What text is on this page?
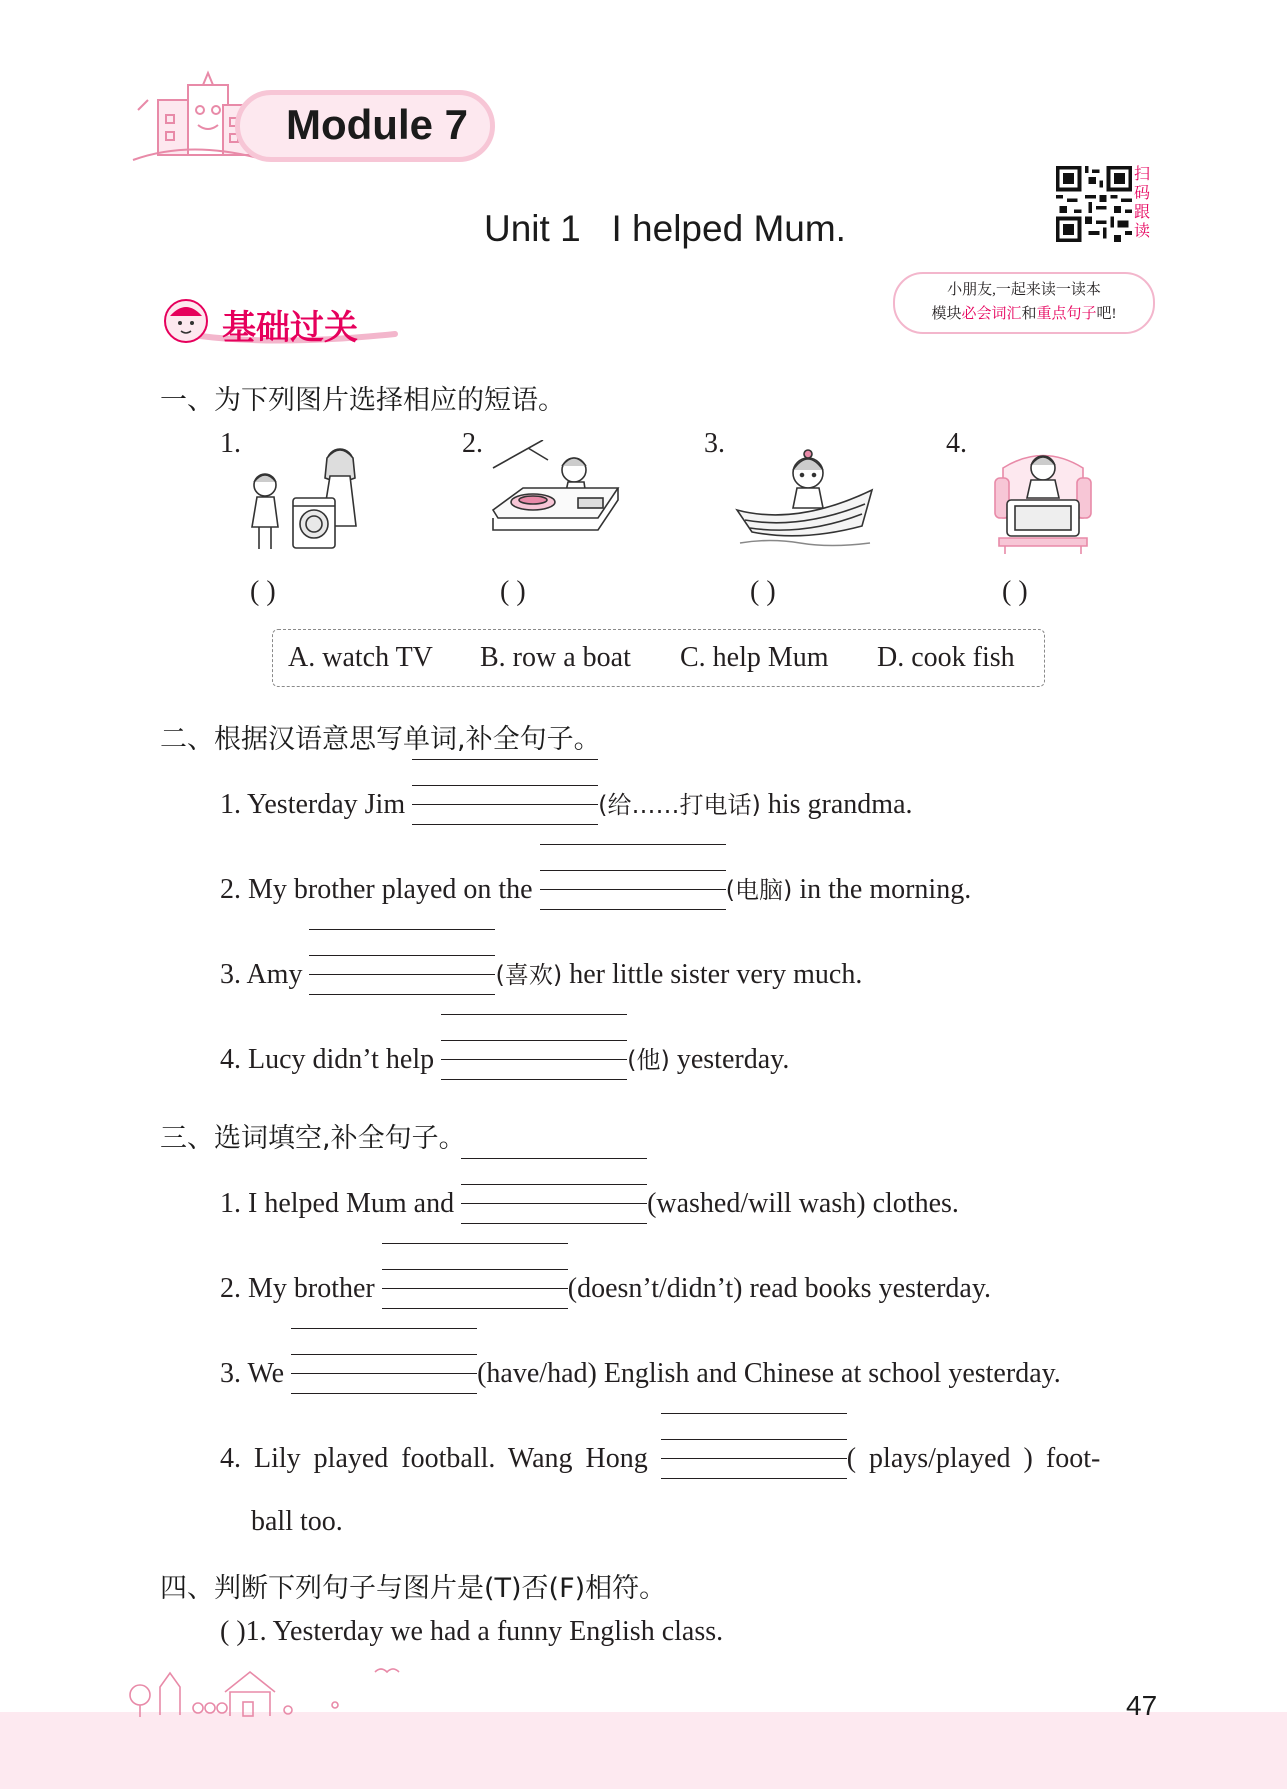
Module 7
Unit 1   I helped Mum.
扫码跟读
小朋友,一起来读一读本
模块必会词汇和重点句子吧!
基础过关
一、为下列图片选择相应的短语。
1.	2.	3.	4.
( )	( )	( )	( )
A. watch TV B. row a boat C. help Mum D. cook fish
二、根据汉语意思写单词,补全句子。
1. Yesterday Jim	(给……打电话) his grandma.
2. My brother played on the	(电脑) in the morning.
3. Amy	(喜欢) her little sister very much.
4. Lucy didn’t help	(他) yesterday.
三、选词填空,补全句子。
1. I helped Mum and	(washed/will wash) clothes.
2. My brother	(doesn’t/didn’t) read books yesterday.
3. We	(have/had) English and Chinese at school yesterday.
4. Lily played football. Wang Hong	( plays/played ) foot-
ball too.
四、判断下列句子与图片是(T)否(F)相符。
( )1. Yesterday we had a funny English class.
47
